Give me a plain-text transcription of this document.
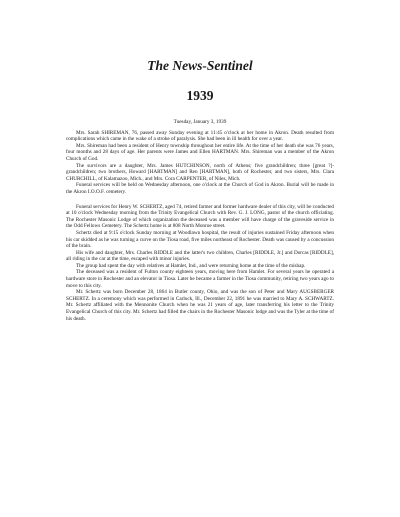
The News-Sentinel
1939

Tuesday, January 3, 1939

Mrs. Sarah SHIREMAN, 76, passed away Sunday evening at 11:45 o'clock at her home in Akron. Death resulted from complications which came in the wake of a stroke of paralysis. She had been in ill health for over a year.

Mrs. Shireman had been a resident of Henry township throughout her entire life. At the time of her death she was 76 years, four months and 28 days of age. Her parents were James and Ellen HARTMAN. Mrs. Shireman was a member of the Akron Church of God.

The survivors are a daughter, Mrs. James HUTCHINSON, north of Athens; five grandchildren; three [great ?]-grandchildren; two brothers, Howard [HARTMAN] and Ren [HARTMAN], both of Rochester, and two sisters, Mrs. Clara CHURCHILL, of Kalamazoo, Mich., and Mrs. Cora CARPENTER, of Niles, Mich.

Funeral services will be held on Wednesday afternoon, one o'clock at the Church of God in Akron. Burial will be made in the Akron I.O.O.F. cemetery.

Funeral services for Henry W. SCHERTZ, aged 74, retired farmer and former hardware dealer of this city, will be conducted at 10 o'clock Wednesday morning from the Trinity Evangelical Church with Rev. G. J. LONG, pastor of the church officiating. The Rochester Masonic Lodge of which organization the deceased was a member will have charge of the graveside service in the Odd Fellows Cemetery. The Schertz home is at 808 North Monroe street.

Schertz died at 9:15 o'clock Sunday morning at Woodlawn hospital, the result of injuries sustained Friday afternoon when his car skidded as he was turning a curve on the Tiosa road, five miles northeast of Rochester. Death was caused by a concussion of the brain.

His wife and daughter, Mrs. Charles RIDDLE and the latter's two children, Charles [RIDDLE, Jr.] and Dorcas [RIDDLE], all riding in the car at the time, escaped with minor injuries.

The group had spent the day with relatives at Hamlet, Ind., and were returning home at the time of the mishap.

The deceased was a resident of Fulton county eighteen years, moving here from Hamlet. For several years he operated a hardware store in Rochester and an elevator in Tiosa. Later he became a farmer in the Tiosa community, retiring two years ago to move to this city.

Mr. Schertz was born December 28, 1864 in Butler county, Ohio, and was the son of Peter and Mary AUGSBERGER SCHERTZ. In a ceremony which was performed in Carlock, Ill., December 22, 1891 he was married to Mary A. SCHWARTZ. Mr. Schertz affiliated with the Mennonite Church when he was 21 years of age, later transferring his letter to the Trinity Evangelical Church of this city. Mr. Schertz had filled the chairs in the Rochester Masonic lodge and was the Tyler at the time of his death.
